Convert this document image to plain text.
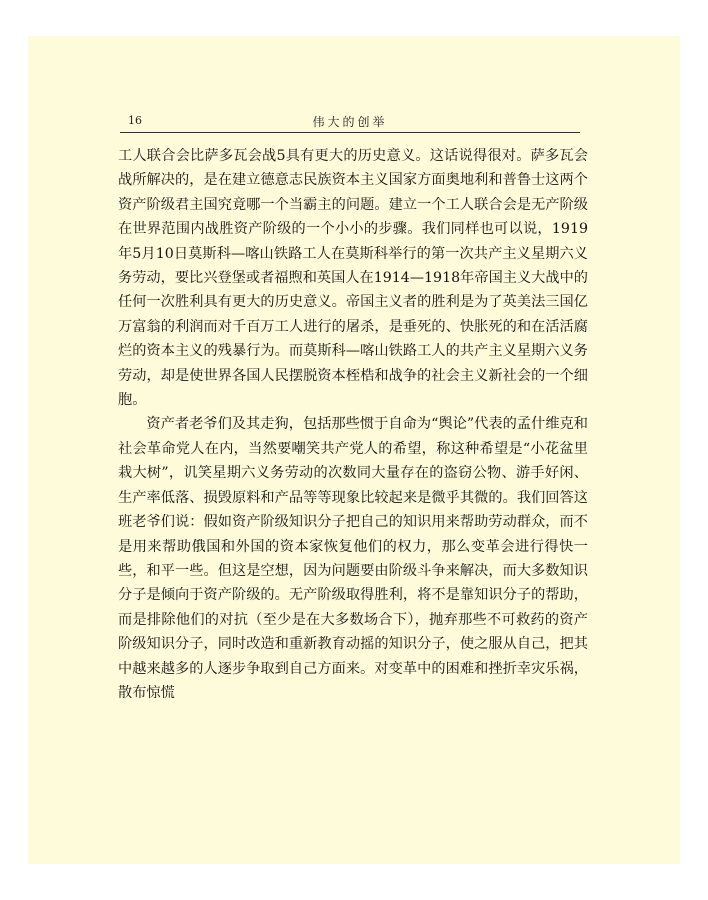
16	伟大的创举

工人联合会比萨多瓦会战5具有更大的历史意义。这话说得很对。萨多瓦会战所解决的，是在建立德意志民族资本主义国家方面奥地利和普鲁士这两个资产阶级君主国究竟哪一个当霸主的问题。建立一个工人联合会是无产阶级在世界范围内战胜资产阶级的一个小小的步骤。我们同样也可以说，1919年5月10日莫斯科—喀山铁路工人在莫斯科举行的第一次共产主义星期六义务劳动，要比兴登堡或者福煦和英国人在1914—1918年帝国主义大战中的任何一次胜利具有更大的历史意义。帝国主义者的胜利是为了英美法三国亿万富翁的利润而对千百万工人进行的屠杀，是垂死的、快胀死的和在活活腐烂的资本主义的残暴行为。而莫斯科—喀山铁路工人的共产主义星期六义务劳动，却是使世界各国人民摆脱资本桎梏和战争的社会主义新社会的一个细胞。

资产者老爷们及其走狗，包括那些惯于自命为“舆论”代表的孟什维克和社会革命党人在内，当然要嘲笑共产党人的希望，称这种希望是“小花盆里栽大树”，讥笑星期六义务劳动的次数同大量存在的盗窃公物、游手好闲、生产率低落、损毁原料和产品等等现象比较起来是微乎其微的。我们回答这班老爷们说：假如资产阶级知识分子把自己的知识用来帮助劳动群众，而不是用来帮助俄国和外国的资本家恢复他们的权力，那么变革会进行得快一些，和平一些。但这是空想，因为问题要由阶级斗争来解决，而大多数知识分子是倾向于资产阶级的。无产阶级取得胜利，将不是靠知识分子的帮助，而是排除他们的对抗（至少是在大多数场合下），抛弃那些不可救药的资产阶级知识分子，同时改造和重新教育动摇的知识分子，使之服从自己，把其中越来越多的人逐步争取到自己方面来。对变革中的困难和挫折幸灾乐祸，散布惊慌
